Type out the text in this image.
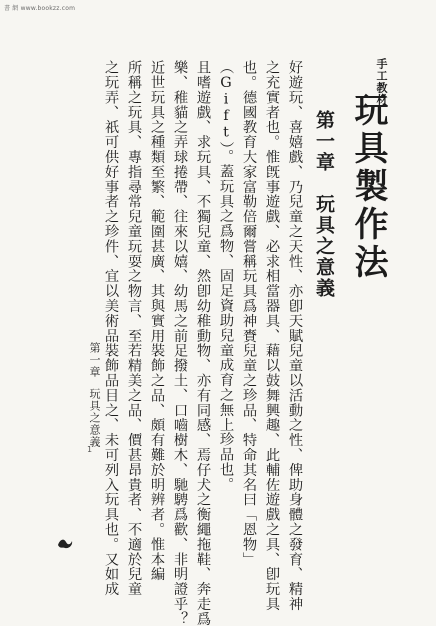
書 網 www.bookzz.com
手工教材
玩具製作法
第一章　玩具之意義
好遊玩、喜嬉戲、乃兒童之天性、亦卽天賦兒童以活動之性、俾助身體之發育、精神
之充實者也。惟旣事遊戲、必求相當器具、藉以鼓舞興趣、此輔佐遊戲之具、卽玩具
也。德國教育大家富勒倍爾嘗稱玩具爲神賚兒童之珍品、特命其名曰「恩物」
（Gift）。蓋玩具之爲物、固足資助兒童成育之無上珍品也。
且嗜遊戲、求玩具、不獨兒童、然卽幼稚動物、亦有同感、焉仔犬之衡繩拖鞋、奔走爲
樂、稚貓之弄球捲帶、往來以嬉、幼馬之前足撥土、口嚙樹木、馳騁爲歡、非明證乎？
近世玩具之種類至繁、範圍甚廣、其與實用裝飾之品、頗有難於明辨者。惟本編
所稱之玩具、專指尋常兒童玩耍之物言、至若精美之品、價甚昂貴者、不適於兒童
之玩弄、祇可供好事者之珍件、宜以美術品裝飾品目之、未可列入玩具也。又如成
第一章玩具之意義
1
